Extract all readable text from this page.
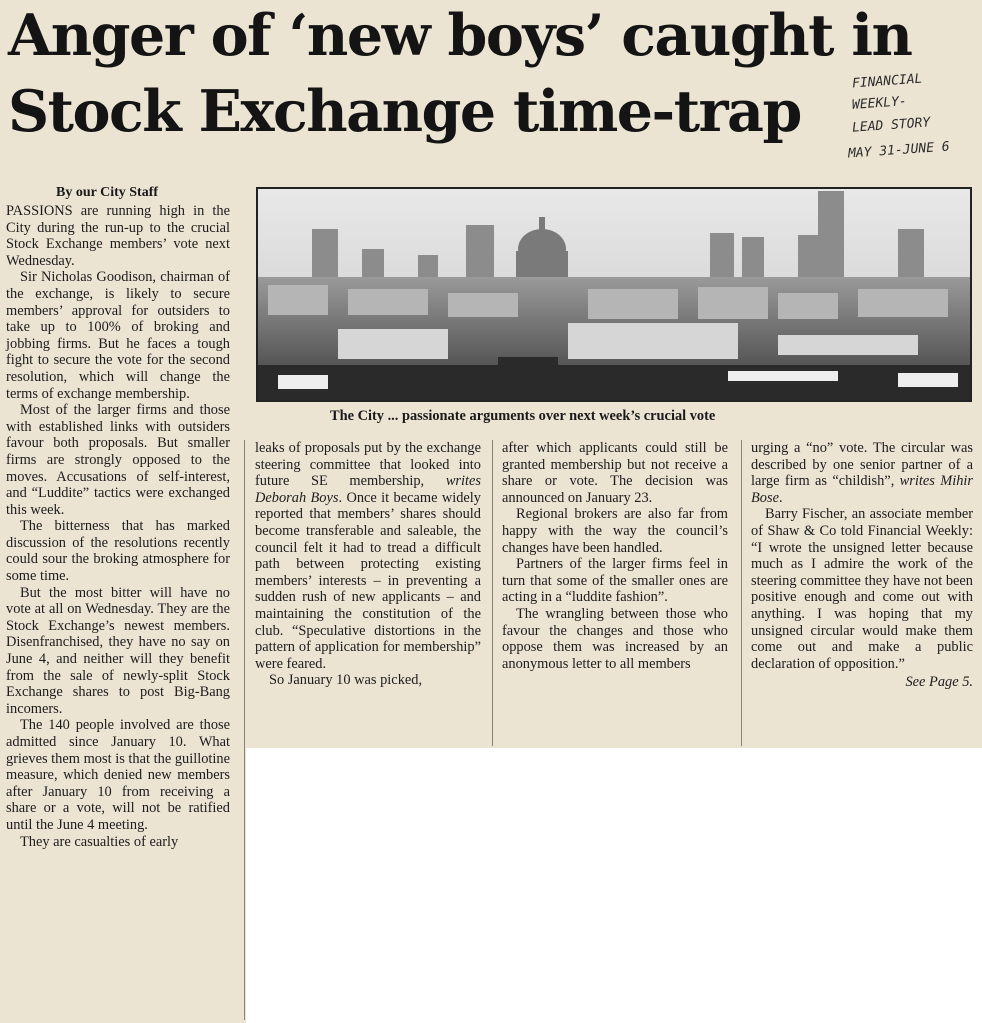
Anger of ‘new boys’ caught in
Stock Exchange time-trap	FINANCIAL
WEEKLY-
LEAD STORY
MAY 31-JUNE 6
By our City Staff
The City ... passionate arguments over next week’s crucial vote

PASSIONS are running high in the City during the run-up to the crucial Stock Exchange members’ vote next Wednesday.

Sir Nicholas Goodison, chairman of the exchange, is likely to secure members’ approval for outsiders to take up to 100% of broking and jobbing firms. But he faces a tough fight to secure the vote for the second resolution, which will change the terms of exchange membership.

Most of the larger firms and those with established links with outsiders favour both proposals. But smaller firms are strongly opposed to the moves. Accusations of self-interest, and “Luddite” tactics were exchanged this week.

The bitterness that has marked discussion of the resolutions recently could sour the broking atmosphere for some time.

But the most bitter will have no vote at all on Wednesday. They are the Stock Exchange’s newest members. Disenfranchised, they have no say on June 4, and neither will they benefit from the sale of newly-split Stock Exchange shares to post Big-Bang incomers.

The 140 people involved are those admitted since January 10. What grieves them most is that the guillotine measure, which denied new members after January 10 from receiving a share or a vote, will not be ratified until the June 4 meeting.

They are casualties of early

leaks of proposals put by the exchange steering committee that looked into future SE membership, writes Deborah Boys. Once it became widely reported that members’ shares should become transferable and saleable, the council felt it had to tread a difficult path between protecting existing members’ interests – in preventing a sudden rush of new applicants – and maintaining the constitution of the club. “Speculative distortions in the pattern of application for membership” were feared.

So January 10 was picked,

after which applicants could still be granted membership but not receive a share or vote. The decision was announced on January 23.

Regional brokers are also far from happy with the way the council’s changes have been handled.

Partners of the larger firms feel in turn that some of the smaller ones are acting in a “luddite fashion”.

The wrangling between those who favour the changes and those who oppose them was increased by an anonymous letter to all members

urging a “no” vote. The circular was described by one senior partner of a large firm as “childish”, writes Mihir Bose.

Barry Fischer, an associate member of Shaw & Co told Financial Weekly: “I wrote the unsigned letter because much as I admire the work of the steering committee they have not been positive enough and come out with anything. I was hoping that my unsigned circular would make them come out and make a public declaration of opposition.”

See Page 5.
